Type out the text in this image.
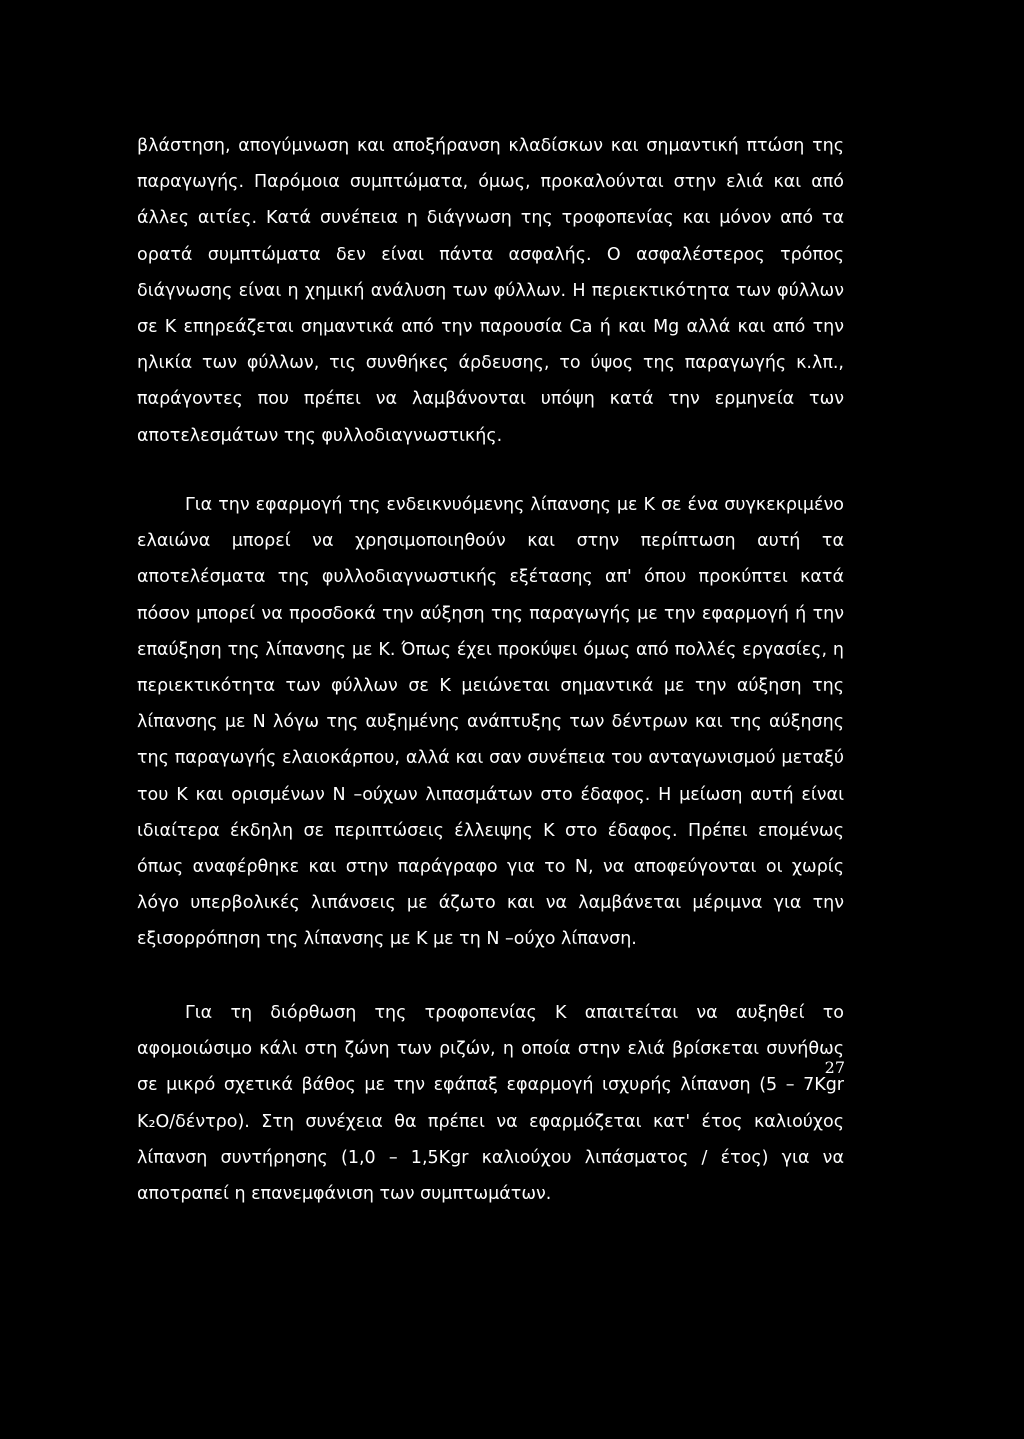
βλάστηση, απογύμνωση και αποξήρανση κλαδίσκων και σημαντική πτώση της παραγωγής. Παρόμοια συμπτώματα, όμως, προκαλούνται στην ελιά και από άλλες αιτίες. Κατά συνέπεια η διάγνωση της τροφοπενίας και μόνον από τα ορατά συμπτώματα δεν είναι πάντα ασφαλής. Ο ασφαλέστερος τρόπος διάγνωσης είναι η χημική ανάλυση των φύλλων. Η περιεκτικότητα των φύλλων σε K επηρεάζεται σημαντικά από την παρουσία Ca ή και Mg αλλά και από την ηλικία των φύλλων, τις συνθήκες άρδευσης, το ύψος της παραγωγής κ.λπ., παράγοντες που πρέπει να λαμβάνονται υπόψη κατά την ερμηνεία των αποτελεσμάτων της φυλλοδιαγνωστικής.

Για την εφαρμογή της ενδεικνυόμενης λίπανσης με K σε ένα συγκεκριμένο ελαιώνα μπορεί να χρησιμοποιηθούν και στην περίπτωση αυτή τα αποτελέσματα της φυλλοδιαγνωστικής εξέτασης απ' όπου προκύπτει κατά πόσον μπορεί να προσδοκά την αύξηση της παραγωγής με την εφαρμογή ή την επαύξηση της λίπανσης με K. Όπως έχει προκύψει όμως από πολλές εργασίες, η περιεκτικότητα των φύλλων σε K μειώνεται σημαντικά με την αύξηση της λίπανσης με N λόγω της αυξημένης ανάπτυξης των δέντρων και της αύξησης της παραγωγής ελαιοκάρπου, αλλά και σαν συνέπεια του ανταγωνισμού μεταξύ του K και ορισμένων N –ούχων λιπασμάτων στο έδαφος. Η μείωση αυτή είναι ιδιαίτερα έκδηλη σε περιπτώσεις έλλειψης K στο έδαφος. Πρέπει επομένως όπως αναφέρθηκε και στην παράγραφο για το N, να αποφεύγονται οι χωρίς λόγο υπερβολικές λιπάνσεις με άζωτο και να λαμβάνεται μέριμνα για την εξισορρόπηση της λίπανσης με K με τη N –ούχο λίπανση.

Για τη διόρθωση της τροφοπενίας K απαιτείται να αυξηθεί το αφομοιώσιμο κάλι στη ζώνη των ριζών, η οποία στην ελιά βρίσκεται συνήθως σε μικρό σχετικά βάθος με την εφάπαξ εφαρμογή ισχυρής λίπανση (5 – 7Kgr K₂O/δέντρο). Στη συνέχεια θα πρέπει να εφαρμόζεται κατ' έτος καλιούχος λίπανση συντήρησης (1,0 – 1,5Kgr καλιούχου λιπάσματος / έτος) για να αποτραπεί η επανεμφάνιση των συμπτωμάτων.

27
